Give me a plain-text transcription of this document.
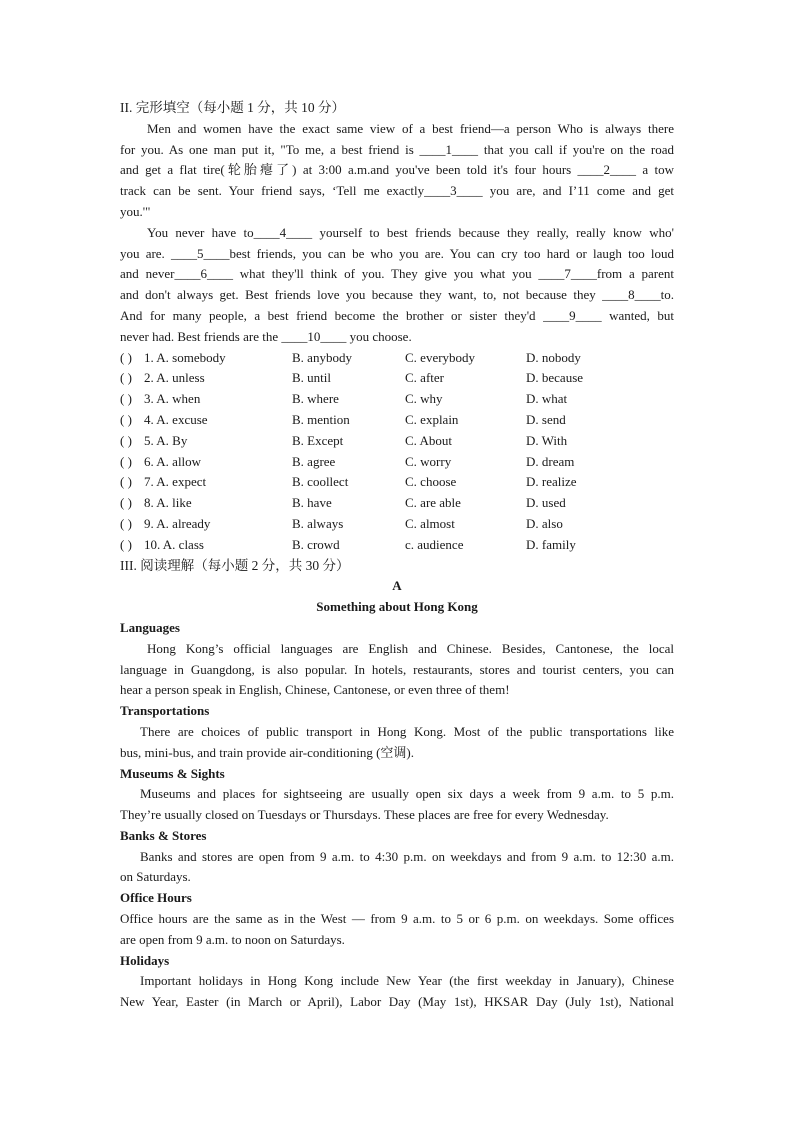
II. 完形填空（每小题 1 分，共 10 分）
Men and women have the exact same view of a best friend—a person Who is always there
for you. As one man put it, "To me, a best friend is ____1____ that you call if you're on the road
and get a flat tire(轮胎瘪了) at 3:00 a.m.and you've been told it's four hours ____2____ a tow
track can be sent. Your friend says, ‘Tell me exactly____3____ you are, and I’11 come and get
you.'"
You never have to____4____ yourself to best friends because they really, really know who'
you are. ____5____best friends, you can be who you are. You can cry too hard or laugh too loud
and never____6____ what they'll think of you. They give you what you ____7____from a parent
and don't always get. Best friends love you because they want, to, not because they ____8____to.
And for many people, a best friend become the brother or sister they'd ____9____ wanted, but
never had. Best friends are the ____10____ you choose.
( ) 1. A. somebody	B. anybody	C. everybody	D. nobody
( ) 2. A. unless	B. until	C. after	D. because
( ) 3. A. when	B. where	C. why	D. what
( ) 4. A. excuse	B. mention	C. explain	D. send
( ) 5. A. By	B. Except	C. About	D. With
( ) 6. A. allow	B. agree	C. worry	D. dream
( ) 7. A. expect	B. coollect	C. choose	D. realize
( ) 8. A. like	B. have	C. are able	D. used
( ) 9. A. already	B. always	C. almost	D. also
( ) 10. A. class	B. crowd	c. audience	D. family
III. 阅读理解（每小题 2 分，共 30 分）
A
Something about Hong Kong
Languages
Hong Kong’s official languages are English and Chinese. Besides, Cantonese, the local
language in Guangdong, is also popular. In hotels, restaurants, stores and tourist centers, you can
hear a person speak in English, Chinese, Cantonese, or even three of them!
Transportations
There are choices of public transport in Hong Kong. Most of the public transportations like
bus, mini-bus, and train provide air-conditioning (空调).
Museums & Sights
Museums and places for sightseeing are usually open six days a week from 9 a.m. to 5 p.m.
They’re usually closed on Tuesdays or Thursdays. These places are free for every Wednesday.
Banks & Stores
Banks and stores are open from 9 a.m. to 4:30 p.m. on weekdays and from 9 a.m. to 12:30 a.m.
on Saturdays.
Office Hours
Office hours are the same as in the West — from 9 a.m. to 5 or 6 p.m. on weekdays. Some offices
are open from 9 a.m. to noon on Saturdays.
Holidays
Important holidays in Hong Kong include New Year (the first weekday in January), Chinese
New Year, Easter (in March or April), Labor Day (May 1st), HKSAR Day (July 1st), National
